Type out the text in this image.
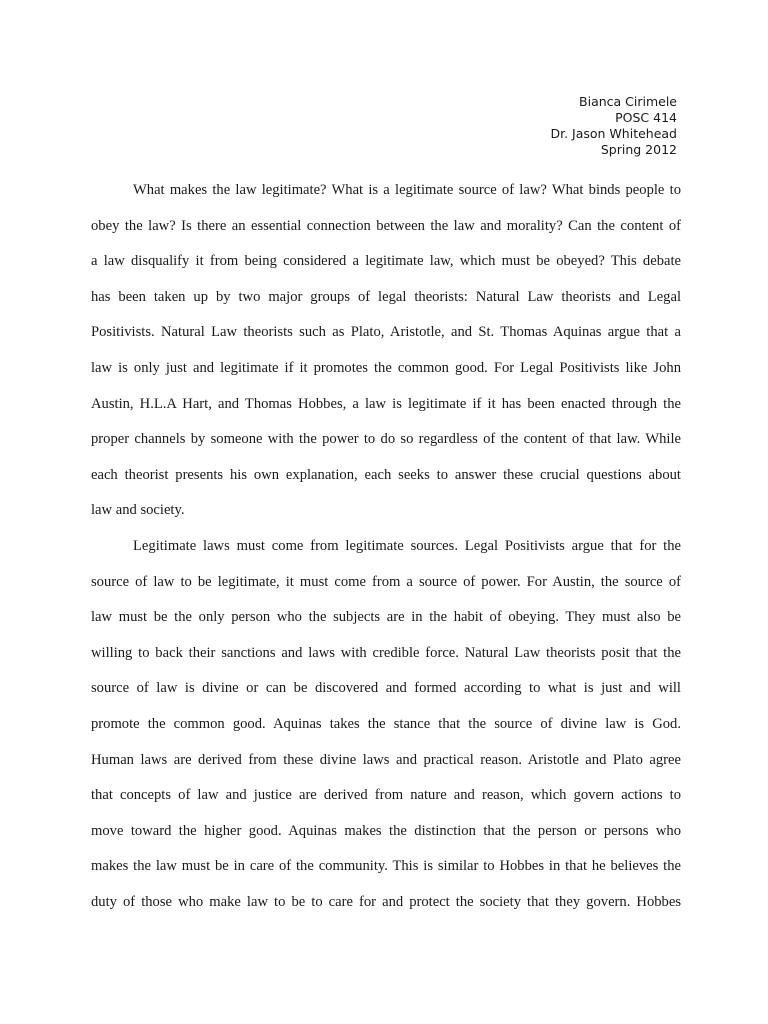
Bianca Cirimele
POSC 414
Dr. Jason Whitehead
Spring 2012
What makes the law legitimate? What is a legitimate source of law? What binds people to
obey the law? Is there an essential connection between the law and morality? Can the content of
a law disqualify it from being considered a legitimate law, which must be obeyed? This debate
has been taken up by two major groups of legal theorists: Natural Law theorists and Legal
Positivists. Natural Law theorists such as Plato, Aristotle, and St. Thomas Aquinas argue that a
law is only just and legitimate if it promotes the common good. For Legal Positivists like John
Austin, H.L.A Hart, and Thomas Hobbes, a law is legitimate if it has been enacted through the
proper channels by someone with the power to do so regardless of the content of that law. While
each theorist presents his own explanation, each seeks to answer these crucial questions about
law and society.
Legitimate laws must come from legitimate sources. Legal Positivists argue that for the
source of law to be legitimate, it must come from a source of power. For Austin, the source of
law must be the only person who the subjects are in the habit of obeying. They must also be
willing to back their sanctions and laws with credible force. Natural Law theorists posit that the
source of law is divine or can be discovered and formed according to what is just and will
promote the common good. Aquinas takes the stance that the source of divine law is God.
Human laws are derived from these divine laws and practical reason. Aristotle and Plato agree
that concepts of law and justice are derived from nature and reason, which govern actions to
move toward the higher good. Aquinas makes the distinction that the person or persons who
makes the law must be in care of the community. This is similar to Hobbes in that he believes the
duty of those who make law to be to care for and protect the society that they govern. Hobbes
